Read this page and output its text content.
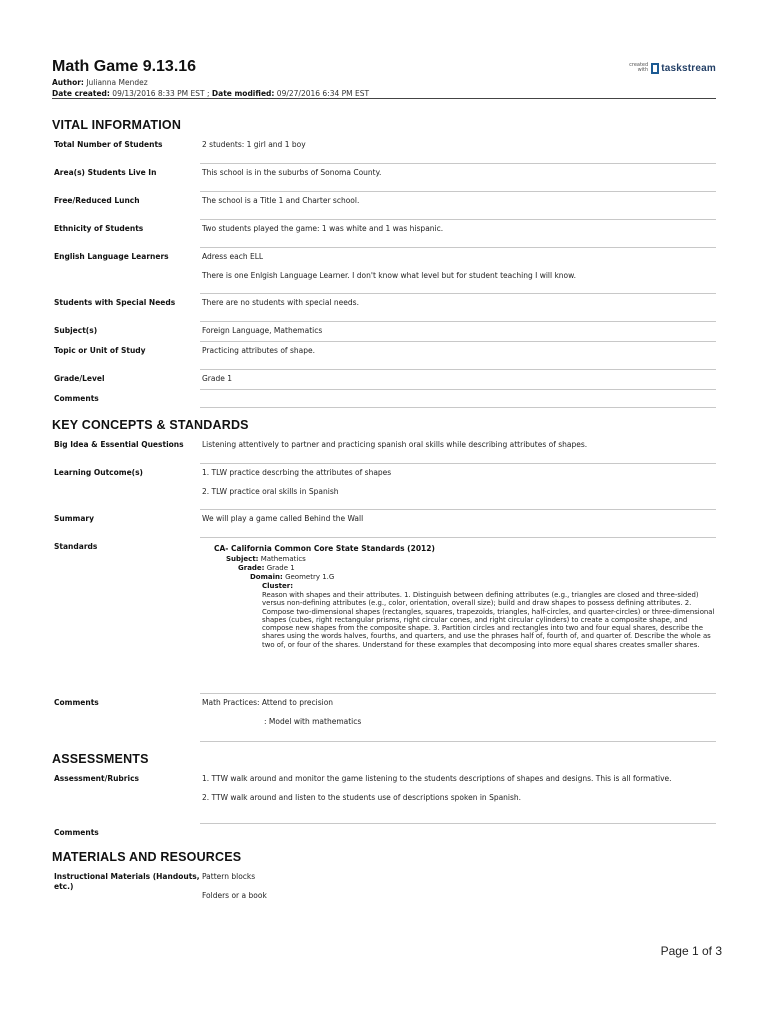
Math Game 9.13.16
Author: Julianna Mendez
Date created: 09/13/2016 8:33 PM EST ; Date modified: 09/27/2016 6:34 PM EST
created with taskstream
VITAL INFORMATION
Total Number of Students	2 students: 1 girl and 1 boy

Area(s) Students Live In	This school is in the suburbs of Sonoma County.

Free/Reduced Lunch	The school is a Title 1 and Charter school.

Ethnicity of Students	Two students played the game: 1 was white and 1 was hispanic.

English Language Learners	Adress each ELL

There is one Enlgish Language Learner. I don't know what level but for student teaching I will know.

Students with Special Needs	There are no students with special needs.

Subject(s)	Foreign Language, Mathematics

Topic or Unit of Study	Practicing attributes of shape.

Grade/Level	Grade 1

Comments

KEY CONCEPTS & STANDARDS
Big Idea & Essential Questions	Listening attentively to partner and practicing spanish oral skills while describing attributes of shapes.

Learning Outcome(s)	1. TLW practice descrbing the attributes of shapes

2. TLW practice oral skills in Spanish

Summary	We will play a game called Behind the Wall

Standards	CA- California Common Core State Standards (2012)
Subject: Mathematics
Grade: Grade 1
Domain: Geometry 1.G
Cluster:
Reason with shapes and their attributes. 1. Distinguish between defining attributes (e.g., triangles are closed and three-sided) versus non-defining attributes (e.g., color, orientation, overall size); build and draw shapes to possess defining attributes. 2. Compose two-dimensional shapes (rectangles, squares, trapezoids, triangles, half-circles, and quarter-circles) or three-dimensional shapes (cubes, right rectangular prisms, right circular cones, and right circular cylinders) to create a composite shape, and compose new shapes from the composite shape. 3. Partition circles and rectangles into two and four equal shares, describe the shares using the words halves, fourths, and quarters, and use the phrases half of, fourth of, and quarter of. Describe the whole as two of, or four of the shares. Understand for these examples that decomposing into more equal shares creates smaller shares.
Comments	Math Practices: Attend to precision

: Model with mathematics

ASSESSMENTS
Assessment/Rubrics	1. TTW walk around and monitor the game listening to the students descriptions of shapes and designs. This is all formative.

2. TTW walk around and listen to the students use of descriptions spoken in Spanish.

Comments

MATERIALS AND RESOURCES
Instructional Materials (Handouts, etc.)

Pattern blocks

Folders or a book

Page 1 of 3
